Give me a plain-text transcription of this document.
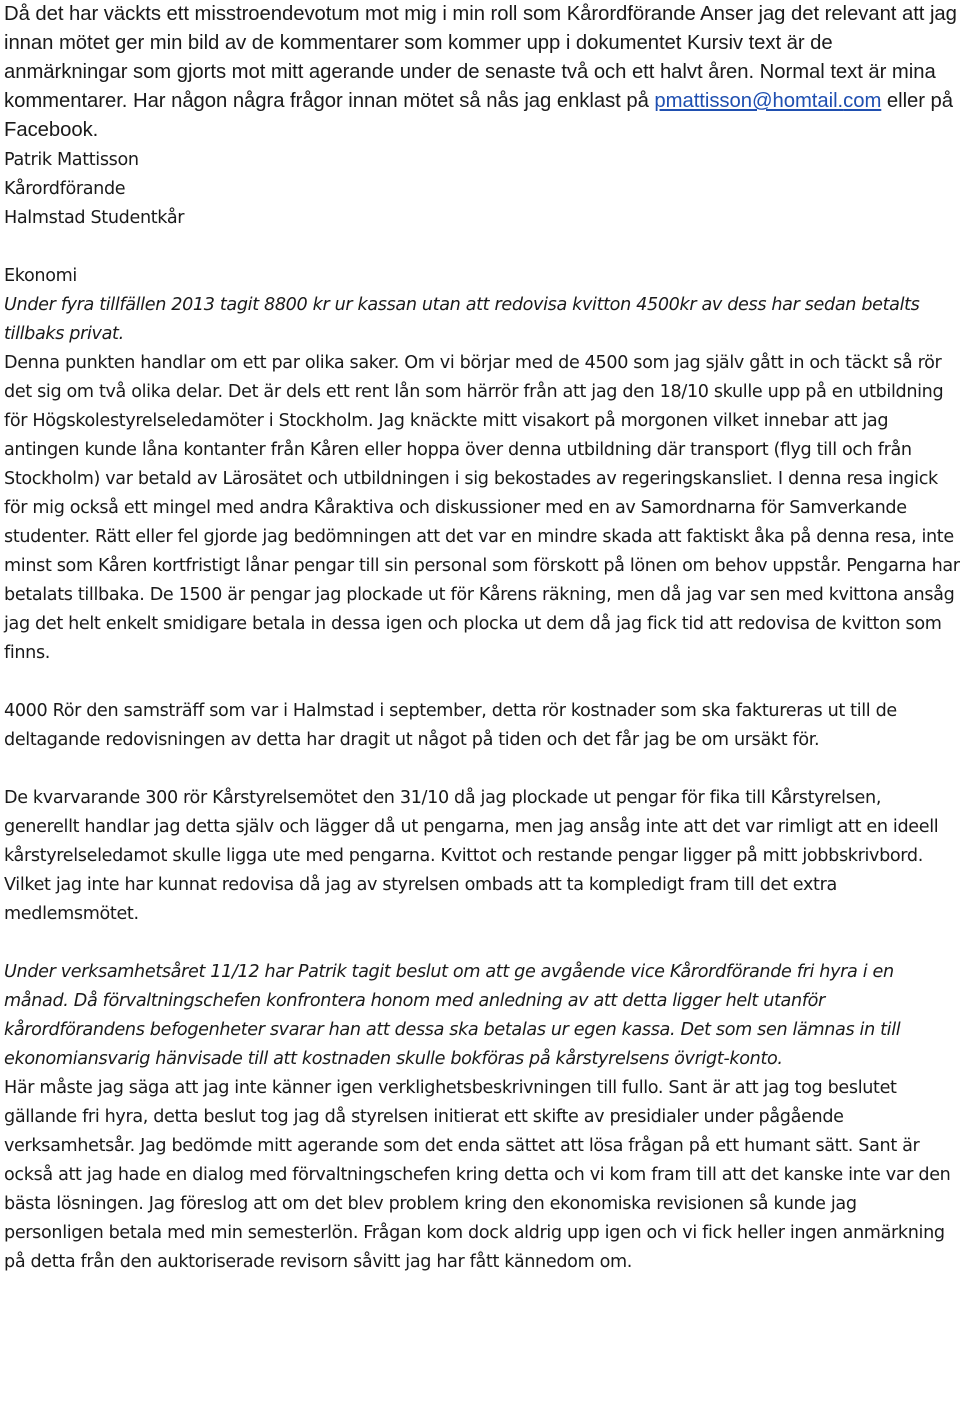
Då det har väckts ett misstroendevotum mot mig i min roll som Kårordförande Anser jag det relevant att jag innan mötet ger min bild av de kommentarer som kommer upp i dokumentet Kursiv text är de anmärkningar som gjorts mot mitt agerande under de senaste två och ett halvt åren. Normal text är mina kommentarer. Har någon några frågor innan mötet så nås jag enklast på pmattisson@homtail.com eller på Facebook.

Patrik Mattisson
Kårordförande
Halmstad Studentkår
Ekonomi

Under fyra tillfällen 2013 tagit 8800 kr ur kassan utan att redovisa kvitton 4500kr av dess har sedan betalts tillbaks privat.

Denna punkten handlar om ett par olika saker. Om vi börjar med de 4500 som jag själv gått in och täckt så rör det sig om två olika delar. Det är dels ett rent lån som härrör från att jag den 18/10 skulle upp på en utbildning för Högskolestyrelseledamöter i Stockholm. Jag knäckte mitt visakort på morgonen vilket innebar att jag antingen kunde låna kontanter från Kåren eller hoppa över denna utbildning där transport (flyg till och från Stockholm) var betald av Lärosätet och utbildningen i sig bekostades av regeringskansliet. I denna resa ingick för mig också ett mingel med andra Kåraktiva och diskussioner med en av Samordnarna för Samverkande studenter. Rätt eller fel gjorde jag bedömningen att det var en mindre skada att faktiskt åka på denna resa, inte minst som Kåren kortfristigt lånar pengar till sin personal som förskott på lönen om behov uppstår. Pengarna har betalats tillbaka. De 1500 är pengar jag plockade ut för Kårens räkning, men då jag var sen med kvittona ansåg jag det helt enkelt smidigare betala in dessa igen och plocka ut dem då jag fick tid att redovisa de kvitton som finns.

4000 Rör den samsträff som var i Halmstad i september, detta rör kostnader som ska faktureras ut till de deltagande redovisningen av detta har dragit ut något på tiden och det får jag be om ursäkt för.

De kvarvarande 300 rör Kårstyrelsemötet den 31/10 då jag plockade ut pengar för fika till Kårstyrelsen, generellt handlar jag detta själv och lägger då ut pengarna, men jag ansåg inte att det var rimligt att en ideell kårstyrelseledamot skulle ligga ute med pengarna. Kvittot och restande pengar ligger på mitt jobbskrivbord. Vilket jag inte har kunnat redovisa då jag av styrelsen ombads att ta kompledigt fram till det extra medlemsmötet.

Under verksamhetsåret 11/12 har Patrik tagit beslut om att ge avgående vice Kårordförande fri hyra i en månad. Då förvaltningschefen konfrontera honom med anledning av att detta ligger helt utanför kårordförandens befogenheter svarar han att dessa ska betalas ur egen kassa. Det som sen lämnas in till ekonomiansvarig hänvisade till att kostnaden skulle bokföras på kårstyrelsens övrigt-konto.

Här måste jag säga att jag inte känner igen verklighetsbeskrivningen till fullo. Sant är att jag tog beslutet gällande fri hyra, detta beslut tog jag då styrelsen initierat ett skifte av presidialer under pågående verksamhetsår. Jag bedömde mitt agerande som det enda sättet att lösa frågan på ett humant sätt. Sant är också att jag hade en dialog med förvaltningschefen kring detta och vi kom fram till att det kanske inte var den bästa lösningen. Jag föreslog att om det blev problem kring den ekonomiska revisionen så kunde jag personligen betala med min semesterlön. Frågan kom dock aldrig upp igen och vi fick heller ingen anmärkning på detta från den auktoriserade revisorn såvitt jag har fått kännedom om.
